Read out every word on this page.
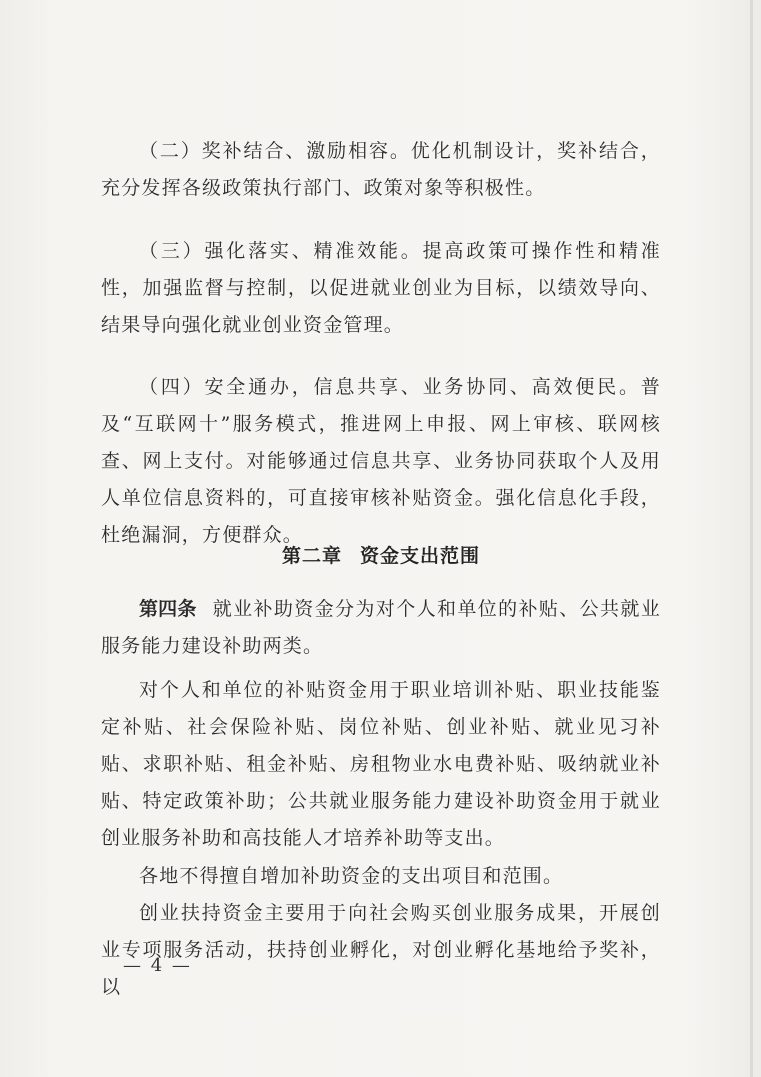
（二）奖补结合、激励相容。优化机制设计，奖补结合，充分发挥各级政策执行部门、政策对象等积极性。

（三）强化落实、精准效能。提高政策可操作性和精准性，加强监督与控制，以促进就业创业为目标，以绩效导向、结果导向强化就业创业资金管理。

（四）安全通办，信息共享、业务协同、高效便民。普及“互联网十”服务模式，推进网上申报、网上审核、联网核查、网上支付。对能够通过信息共享、业务协同获取个人及用人单位信息资料的，可直接审核补贴资金。强化信息化手段，杜绝漏洞，方便群众。

第二章 资金支出范围

第四条 就业补助资金分为对个人和单位的补贴、公共就业服务能力建设补助两类。

对个人和单位的补贴资金用于职业培训补贴、职业技能鉴定补贴、社会保险补贴、岗位补贴、创业补贴、就业见习补贴、求职补贴、租金补贴、房租物业水电费补贴、吸纳就业补贴、特定政策补助；公共就业服务能力建设补助资金用于就业创业服务补助和高技能人才培养补助等支出。

各地不得擅自增加补助资金的支出项目和范围。

创业扶持资金主要用于向社会购买创业服务成果，开展创业专项服务活动，扶持创业孵化，对创业孵化基地给予奖补，以

— 4 —
